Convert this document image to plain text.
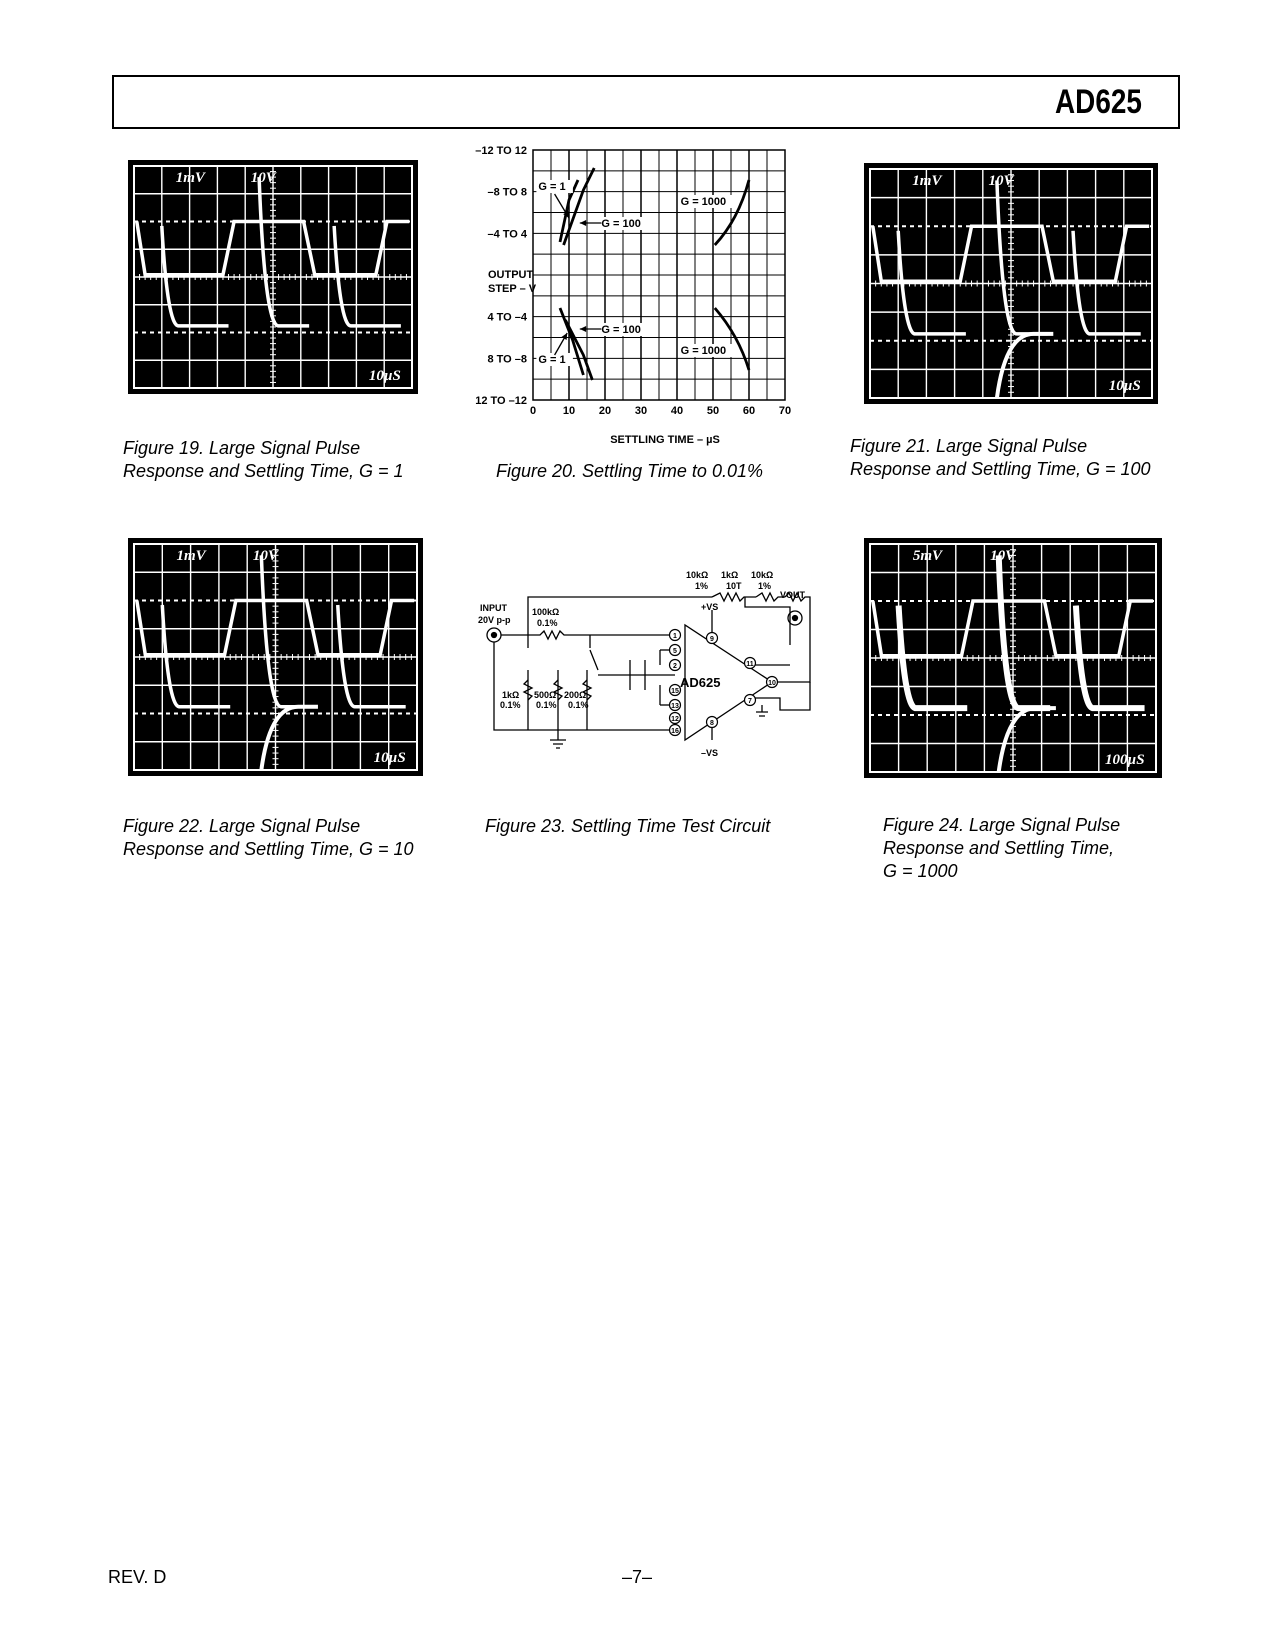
AD625
1mV	10V
10µS
1mV	10V
10µS
1mV	10V
10µS
5mV	10V
100µS
Figure 19. Large Signal Pulse
Response and Settling Time, G = 1	Figure 20. Settling Time to 0.01%
Figure 21. Large Signal Pulse
Response and Settling Time, G = 100
Figure 22. Large Signal Pulse
Response and Settling Time, G = 10
Figure 23. Settling Time Test Circuit	Figure 24. Large Signal Pulse
Response and Settling Time,
G = 1000
–12 TO 12
–8 TO 8
–4 TO 4
4 TO –4
8 TO –8
12 TO –12
0 10 20 30 40 50 60 70
OUTPUT
STEP – V
SETTLING TIME – µS
G = 1
G = 100
G = 1000
G = 100
G = 1000
G = 1
1
5
2
15
13
12
16
9
11
10
7
8
INPUT
20V p-p
100kΩ
0.1%
10kΩ
1%
1kΩ
10T
10kΩ
1%
VOUT
+VS
–VS
1kΩ
0.1%
500Ω
0.1%
200Ω
0.1%
AD625
REV. D	–7–
